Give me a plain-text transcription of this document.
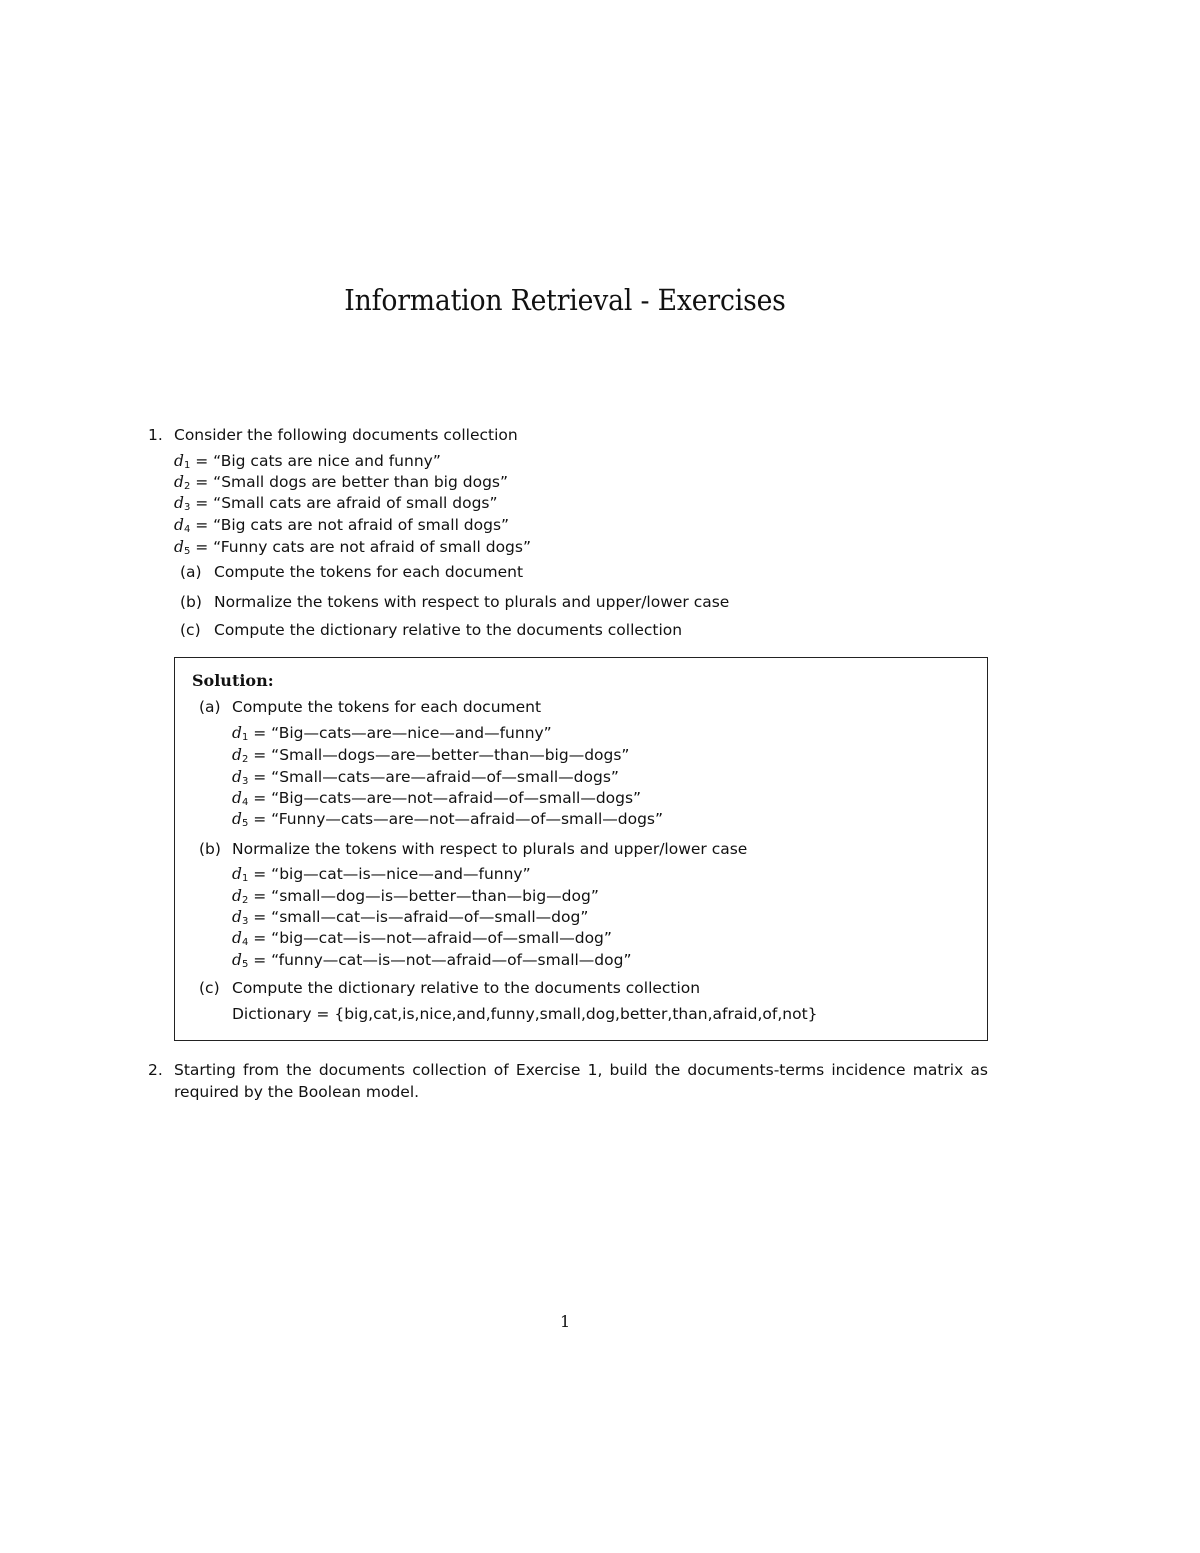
Information Retrieval - Exercises
1. Consider the following documents collection
$d_1$ = “Big cats are nice and funny”
$d_2$ = “Small dogs are better than big dogs”
$d_3$ = “Small cats are afraid of small dogs”
$d_4$ = “Big cats are not afraid of small dogs”
$d_5$ = “Funny cats are not afraid of small dogs”
(a) Compute the tokens for each document
(b) Normalize the tokens with respect to plurals and upper/lower case
(c) Compute the dictionary relative to the documents collection
Solution:
(a) Compute the tokens for each document
$d_1$ = “Big—cats—are—nice—and—funny”
$d_2$ = “Small—dogs—are—better—than—big—dogs”
$d_3$ = “Small—cats—are—afraid—of—small—dogs”
$d_4$ = “Big—cats—are—not—afraid—of—small—dogs”
$d_5$ = “Funny—cats—are—not—afraid—of—small—dogs”
(b) Normalize the tokens with respect to plurals and upper/lower case
$d_1$ = “big—cat—is—nice—and—funny”
$d_2$ = “small—dog—is—better—than—big—dog”
$d_3$ = “small—cat—is—afraid—of—small—dog”
$d_4$ = “big—cat—is—not—afraid—of—small—dog”
$d_5$ = “funny—cat—is—not—afraid—of—small—dog”
(c) Compute the dictionary relative to the documents collection
Dictionary = {big,cat,is,nice,and,funny,small,dog,better,than,afraid,of,not}
2. Starting from the documents collection of Exercise 1, build the documents-terms incidence matrix as required by the Boolean model.
1
